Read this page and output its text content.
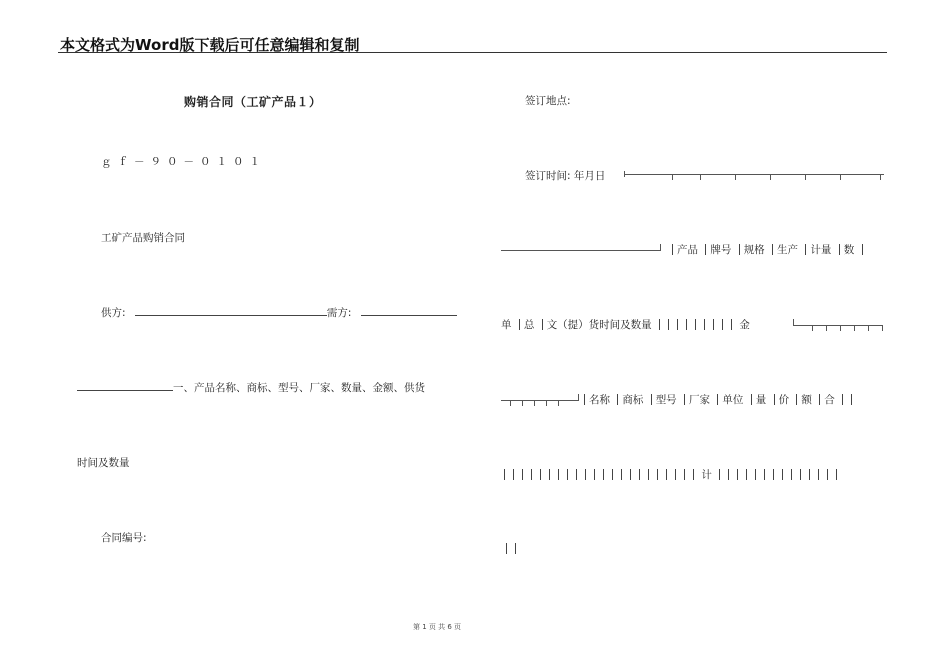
本文格式为Word版下载后可任意编辑和复制
购销合同（工矿产品１）
ｇｆ－９０－０１０１
工矿产品购销合同
供方:	需方:
一、产品名称、商标、型号、厂家、数量、金额、供货
时间及数量
合同编号:
签订地点:
签订时间: 年月日
产品 牌号 规格 生产 计量 数
单 总 文（提）货时间及数量	金
名称 商标 型号 厂家 单位 量 价 额 合
计
第 1 页 共 6 页
